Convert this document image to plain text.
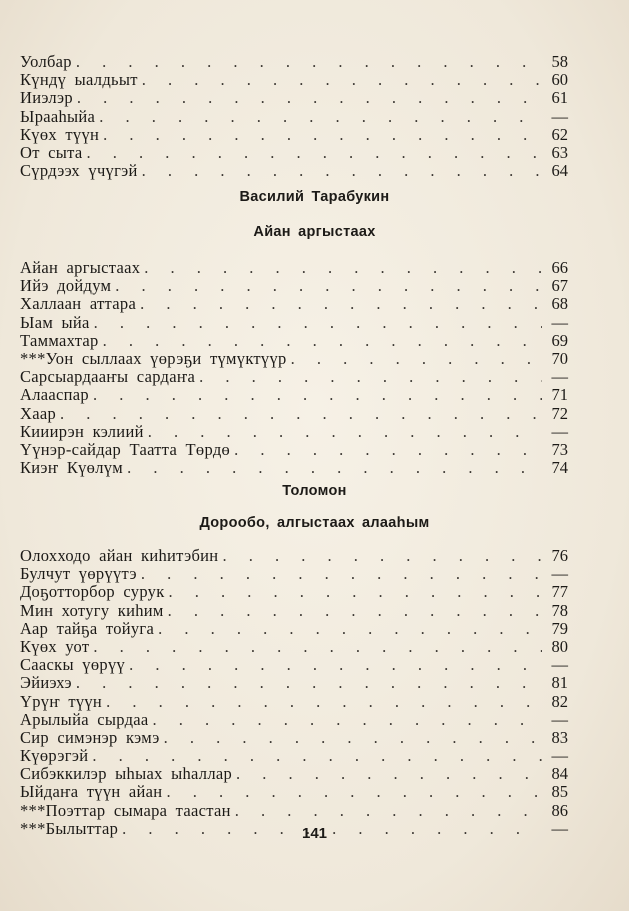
Уолбар . . .	58
Күндү ыалдьыт . . .	60
Ииэлэр . . .	61
Ырааһыйа . . .	—
Күөх түүн . . .	62
От сыта . . .	63
Сүрдээх үчүгэй . . .	64
Василий Тарабукин
Айан аргыстаах
Айан аргыстаах . . .	66
Ийэ дойдум . . .	67
Халлаан аттара . . .	68
Ыам ыйа . . .	—
Таммахтар . . .	69
***Уон сыллаах үөрэҕи түмүктүүр . . .	70
Сарсыардааҥы сардаҥа . . .	—
Алааспар . . .	71
Хаар . . .	72
Кииирэн кэлиий . . .	—
Үүнэр-сайдар Таатта Төрдө . . .	73
Киэҥ Күөлүм . . .	74
Толомон
Дорообо, алгыстаах алааһым
Олохходо айан киһитэбин . . .	76
Булчут үөрүүтэ . . .	—
Доҕотторбор сурук . . .	77
Мин хотугу киһим . . .	78
Аар тайҕа тойуга . . .	79
Күөх уот . . .	80
Сааскы үөрүү . . .	—
Эйиэхэ . . .	81
Үрүҥ түүн . . .	82
Арылыйа сырдаа . . .	—
Сир симэнэр кэмэ . . .	83
Күөрэгэй . . .	—
Сибэккилэр ыһыах ыһаллар . . .	84
Ыйдаҥа түүн айан . . .	85
***Поэттар сымара таастан . . .	86
***Былыттар . . .	—
141
